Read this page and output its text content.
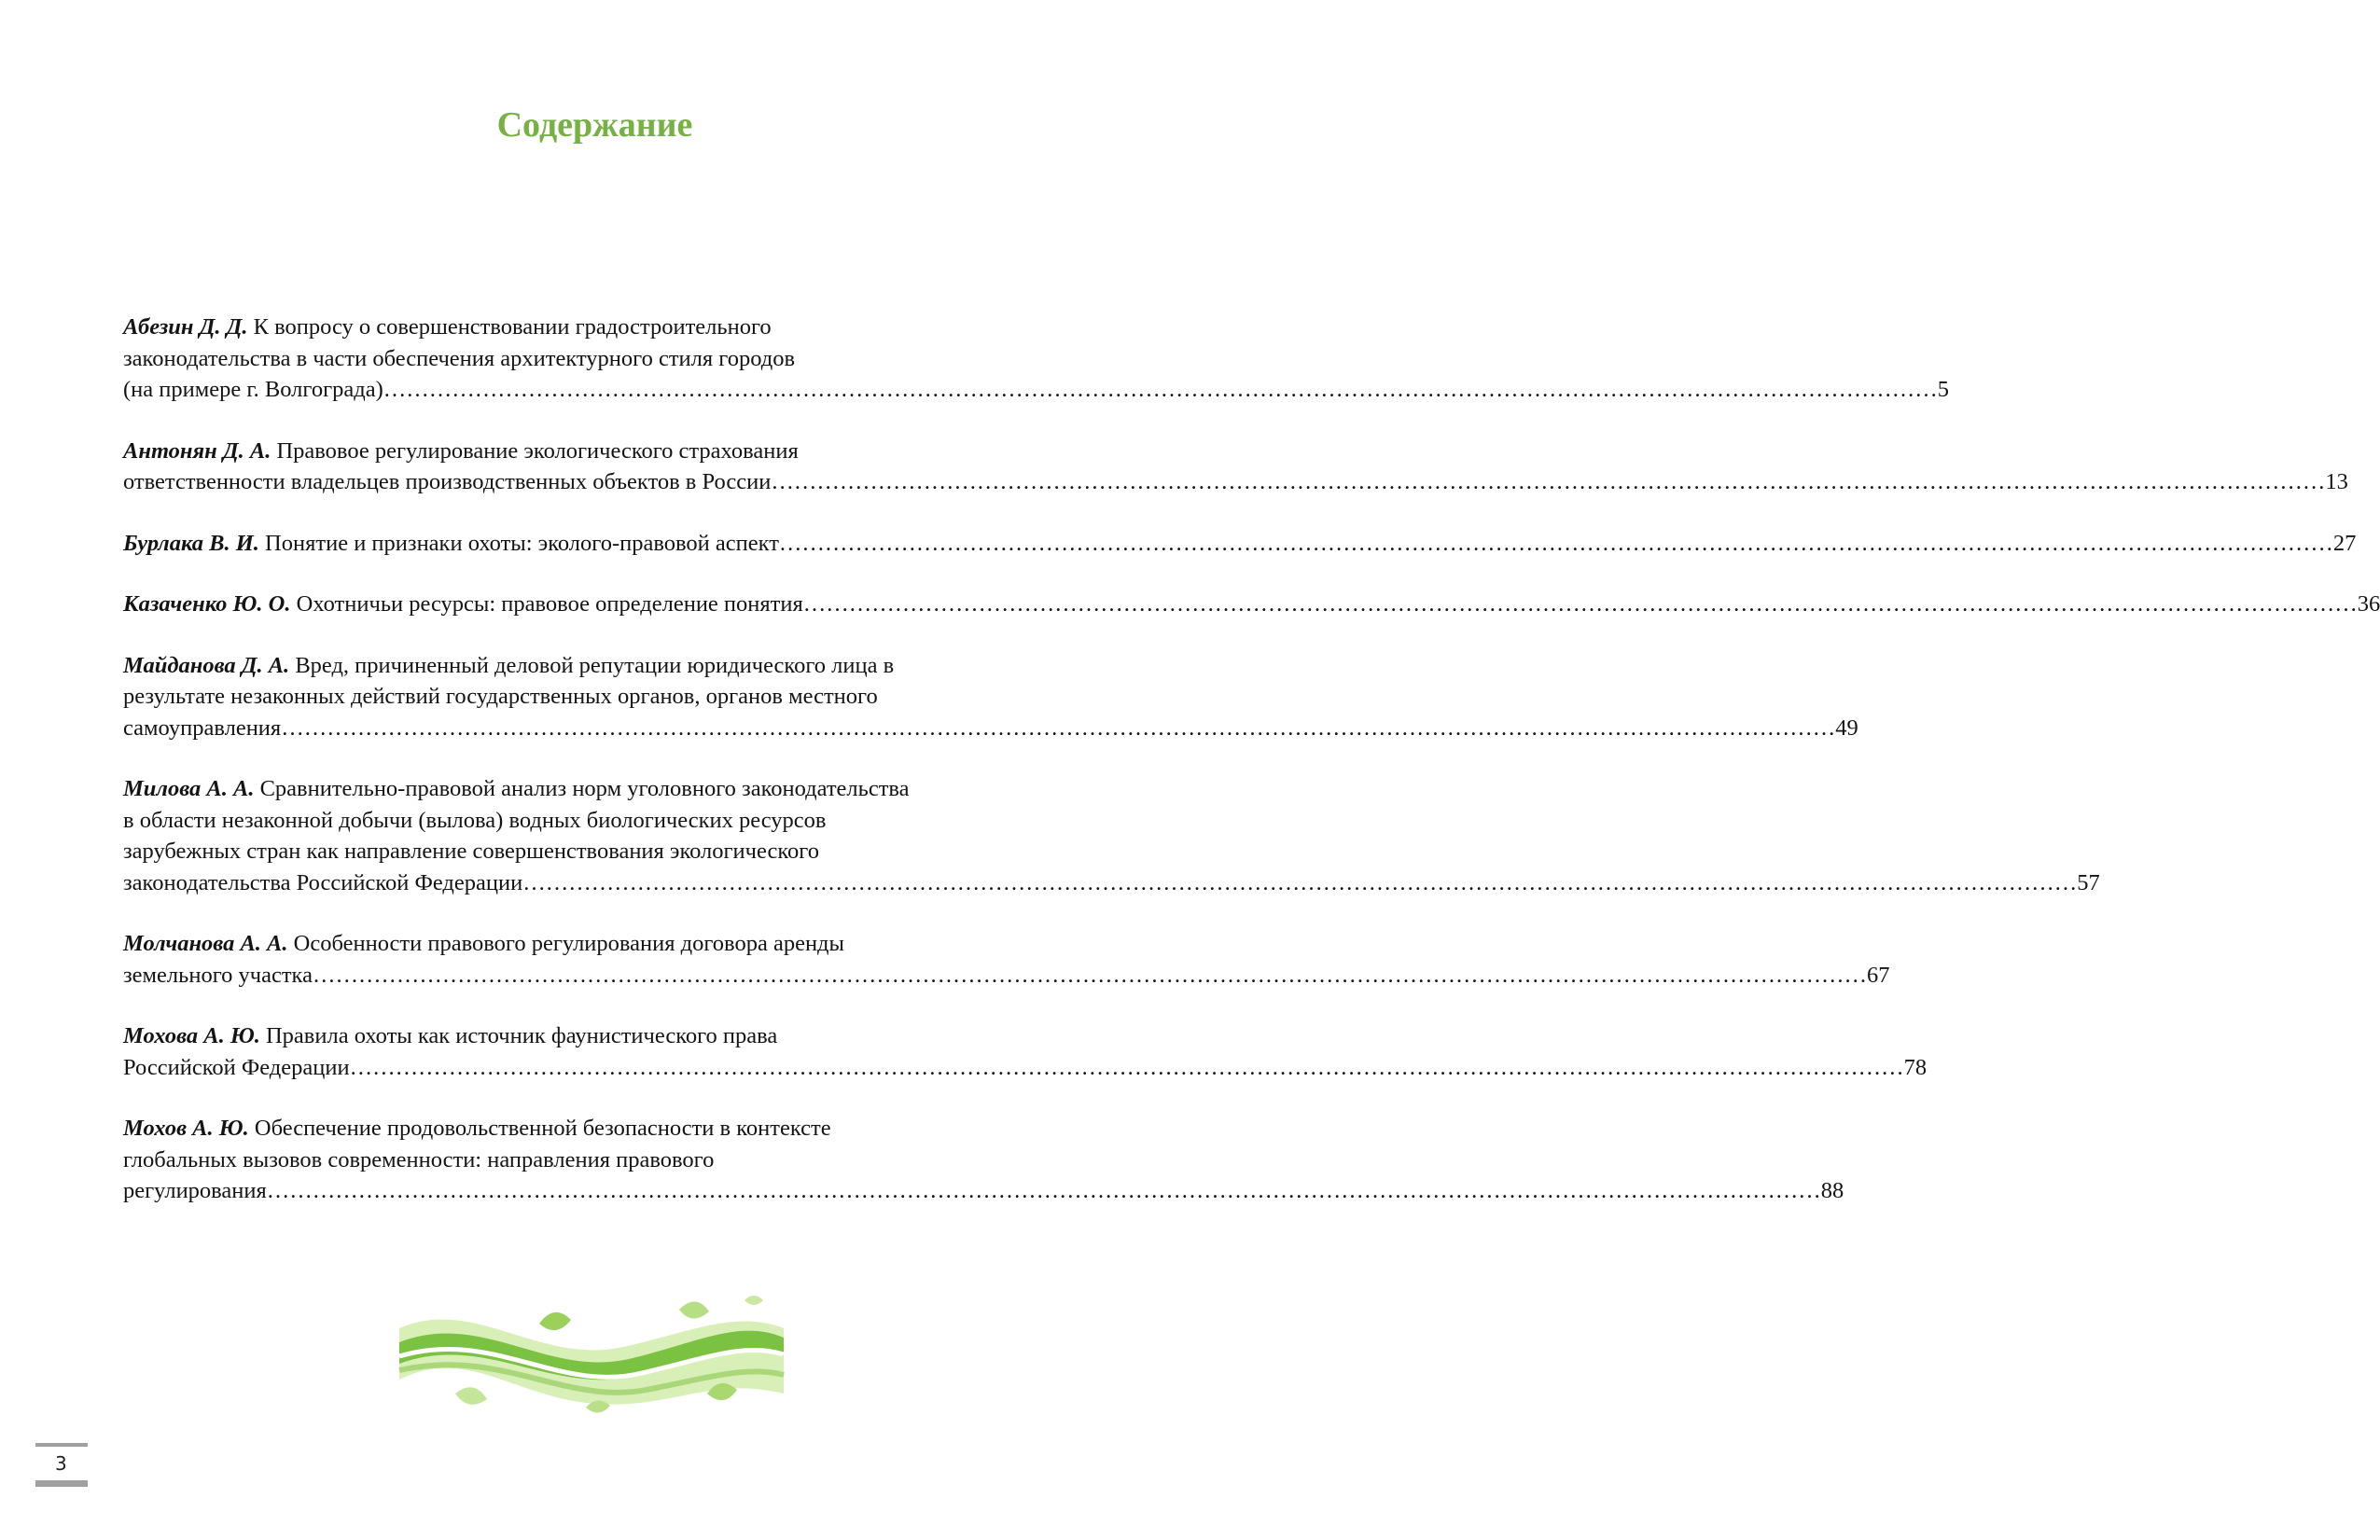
Содержание
Абезин Д. Д. К вопросу о совершенствовании градостроительного
законодательства в части обеспечения архитектурного стиля городов
(на примере г. Волгограда) …………………………………………………………………………………………………………………………………………………………………………………… 5
Антонян Д. А. Правовое регулирование экологического страхования
ответственности владельцев производственных объектов в России …………………………………………………………………………………………………………………………………………………………………………………… 13
Бурлака В. И. Понятие и признаки охоты: эколого-правовой аспект …………………………………………………………………………………………………………………………………………………………………………………… 27
Казаченко Ю. О. Охотничьи ресурсы: правовое определение понятия …………………………………………………………………………………………………………………………………………………………………………………… 36
Майданова Д. А. Вред, причиненный деловой репутации юридического лица в
результате незаконных действий государственных органов, органов местного
самоуправления …………………………………………………………………………………………………………………………………………………………………………………… 49
Милова А. А. Сравнительно-правовой анализ норм уголовного законодательства
в области незаконной добычи (вылова) водных биологических ресурсов
зарубежных стран как направление совершенствования экологического
законодательства Российской Федерации …………………………………………………………………………………………………………………………………………………………………………………… 57
Молчанова А. А. Особенности правового регулирования договора аренды
земельного участка …………………………………………………………………………………………………………………………………………………………………………………… 67
Мохова А. Ю. Правила охоты как источник фаунистического права
Российской Федерации …………………………………………………………………………………………………………………………………………………………………………………… 78
Мохов А. Ю. Обеспечение продовольственной безопасности в контексте
глобальных вызовов современности: направления правового
регулирования …………………………………………………………………………………………………………………………………………………………………………………… 88
3
